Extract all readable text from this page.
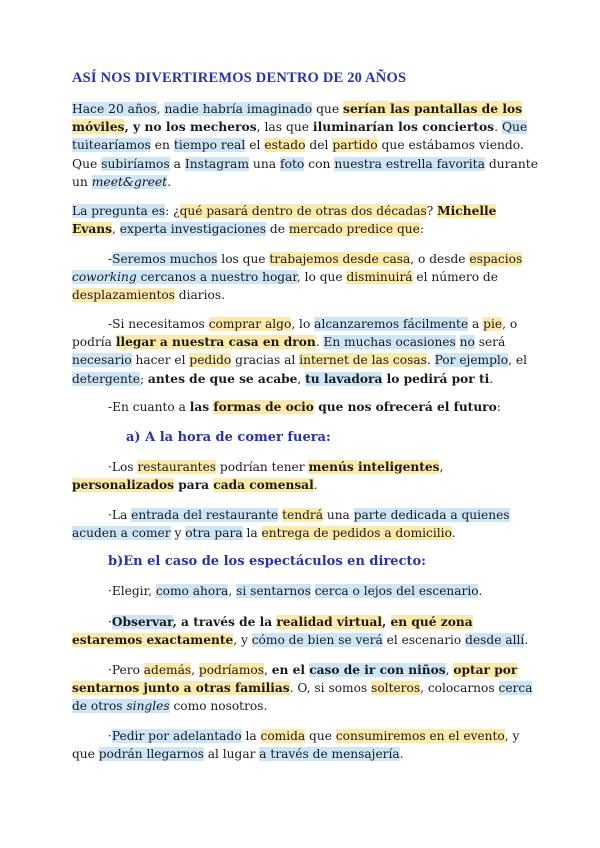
ASÍ NOS DIVERTIREMOS DENTRO DE 20 AÑOS

Hace 20 años, nadie habría imaginado que serían las pantallas de los móviles, y no los mecheros, las que iluminarían los conciertos. Que tuitearíamos en tiempo real el estado del partido que estábamos viendo. Que subiríamos a Instagram una foto con nuestra estrella favorita durante un meet&greet.

La pregunta es: ¿qué pasará dentro de otras dos décadas? Michelle Evans, experta investigaciones de mercado predice que:

-Seremos muchos los que trabajemos desde casa, o desde espacios coworking cercanos a nuestro hogar, lo que disminuirá el número de desplazamientos diarios.

-Si necesitamos comprar algo, lo alcanzaremos fácilmente a pie, o podría llegar a nuestra casa en dron. En muchas ocasiones no será necesario hacer el pedido gracias al internet de las cosas. Por ejemplo, el detergente; antes de que se acabe, tu lavadora lo pedirá por ti.

-En cuanto a las formas de ocio que nos ofrecerá el futuro:

a) A la hora de comer fuera:

·Los restaurantes podrían tener menús inteligentes, personalizados para cada comensal.

·La entrada del restaurante tendrá una parte dedicada a quienes acuden a comer y otra para la entrega de pedidos a domicilio.

b)En el caso de los espectáculos en directo:

·Elegir, como ahora, si sentarnos cerca o lejos del escenario.

·Observar, a través de la realidad virtual, en qué zona estaremos exactamente, y cómo de bien se verá el escenario desde allí.

·Pero además, podríamos, en el caso de ir con niños, optar por sentarnos junto a otras familias. O, si somos solteros, colocarnos cerca de otros singles como nosotros.

·Pedir por adelantado la comida que consumiremos en el evento, y que podrán llegarnos al lugar a través de mensajería.
